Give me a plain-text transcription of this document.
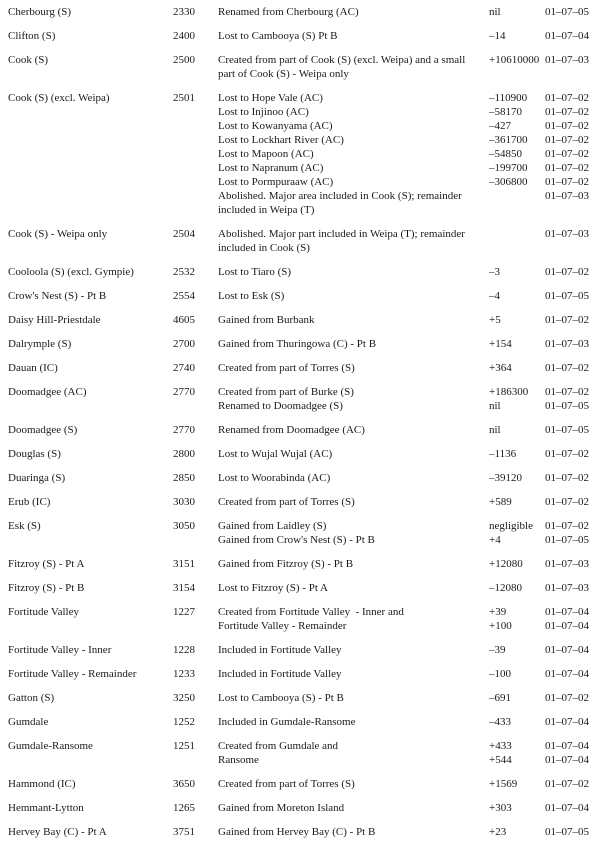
Cherbourg (S)	2330	Renamed from Cherbourg (AC)	nil	01–07–05
Clifton (S)	2400	Lost to Cambooya (S) Pt B	–14	01–07–04
Cook (S)	2500	Created from part of Cook (S) (excl. Weipa) and a small	+10610000 01–07–03
part of Cook (S) - Weipa only
Cook (S) (excl. Weipa)	2501	Lost to Hope Vale (AC)	–110900	01–07–02
Lost to Injinoo (AC)	–58170	01–07–02
Lost to Kowanyama (AC)	–427	01–07–02
Lost to Lockhart River (AC)	–361700	01–07–02
Lost to Mapoon (AC)	–54850	01–07–02
Lost to Napranum (AC)	–199700	01–07–02
Lost to Pormpuraaw (AC)	–306800	01–07–02
Abolished. Major area included in Cook (S); remainder	01–07–03
included in Weipa (T)
Cook (S) - Weipa only	2504	Abolished. Major part included in Weipa (T); remainder	01–07–03
included in Cook (S)
Cooloola (S) (excl. Gympie)	2532	Lost to Tiaro (S)	–3	01–07–02
Crow's Nest (S) - Pt B	2554	Lost to Esk (S)	–4	01–07–05
Daisy Hill-Priestdale	4605	Gained from Burbank	+5	01–07–02
Dalrymple (S)	2700	Gained from Thuringowa (C) - Pt B	+154	01–07–03
Dauan (IC)	2740	Created from part of Torres (S)	+364	01–07–02
Doomadgee (AC)	2770	Created from part of Burke (S)	+186300	01–07–02
Renamed to Doomadgee (S)	nil	01–07–05
Doomadgee (S)	2770	Renamed from Doomadgee (AC)	nil	01–07–05
Douglas (S)	2800	Lost to Wujal Wujal (AC)	–1136	01–07–02
Duaringa (S)	2850	Lost to Woorabinda (AC)	–39120	01–07–02
Erub (IC)	3030	Created from part of Torres (S)	+589	01–07–02
Esk (S)	3050	Gained from Laidley (S)	negligible	01–07–02
Gained from Crow's Nest (S) - Pt B	+4	01–07–05
Fitzroy (S) - Pt A	3151	Gained from Fitzroy (S) - Pt B	+12080	01–07–03
Fitzroy (S) - Pt B	3154	Lost to Fitzroy (S) - Pt A	–12080	01–07–03
Fortitude Valley	1227	Created from Fortitude Valley  - Inner and	+39	01–07–04
Fortitude Valley - Remainder	+100	01–07–04
Fortitude Valley - Inner	1228	Included in Fortitude Valley	–39	01–07–04
Fortitude Valley - Remainder	1233	Included in Fortitude Valley	–100	01–07–04
Gatton (S)	3250	Lost to Cambooya (S) - Pt B	–691	01–07–02
Gumdale	1252	Included in Gumdale-Ransome	–433	01–07–04
Gumdale-Ransome	1251	Created from Gumdale and	+433	01–07–04
Ransome	+544	01–07–04
Hammond (IC)	3650	Created from part of Torres (S)	+1569	01–07–02
Hemmant-Lytton	1265	Gained from Moreton Island	+303	01–07–04
Hervey Bay (C) - Pt A	3751	Gained from Hervey Bay (C) - Pt B	+23	01–07–05
